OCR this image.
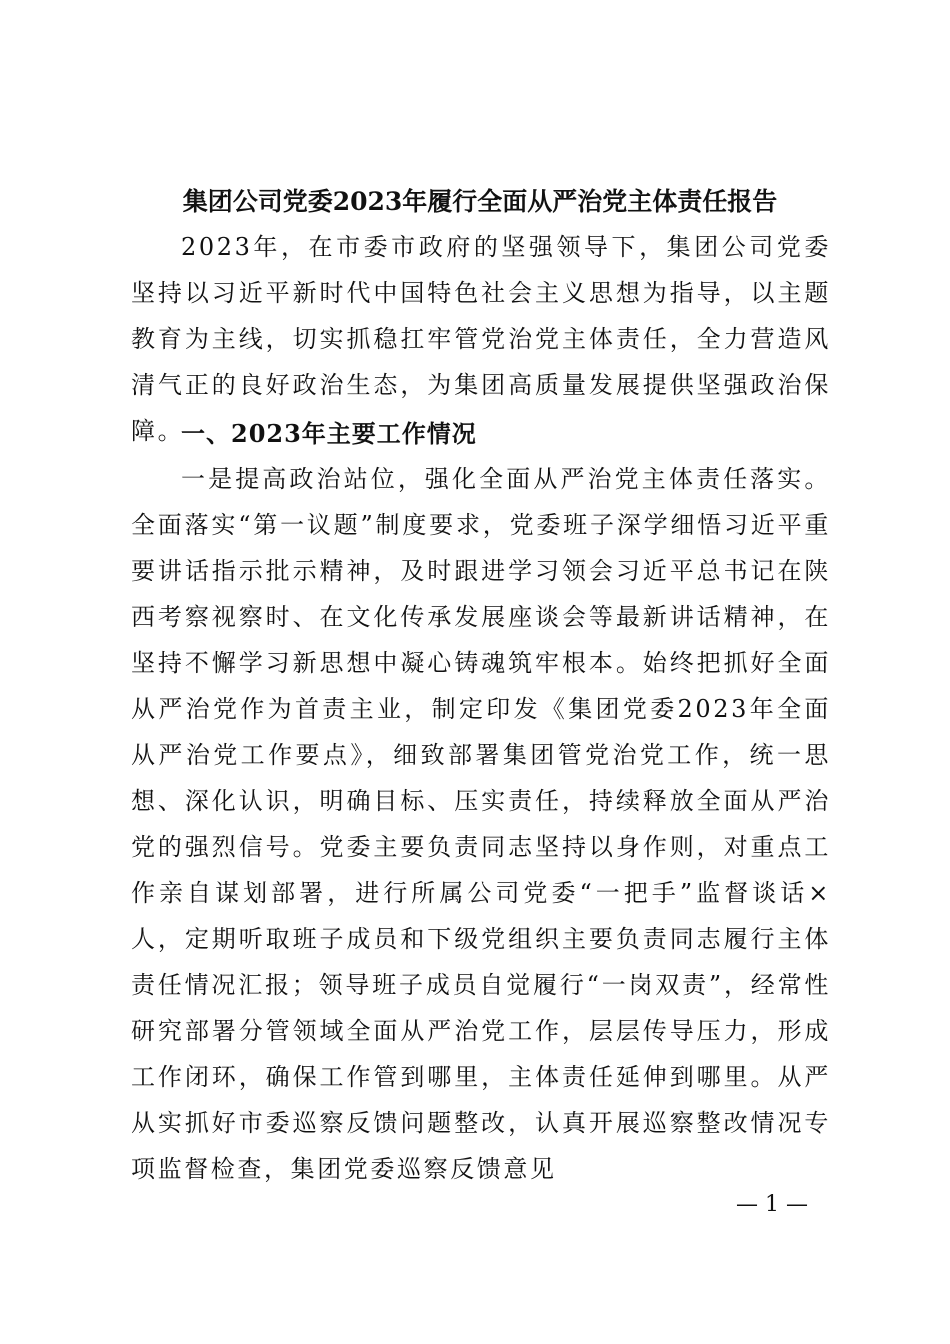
集团公司党委2023年履行全面从严治党主体责任报告

2023年，在市委市政府的坚强领导下，集团公司党委坚持以习近平新时代中国特色社会主义思想为指导，以主题教育为主线，切实抓稳扛牢管党治党主体责任，全力营造风清气正的良好政治生态，为集团高质量发展提供坚强政治保障。

一、2023年主要工作情况

一是提高政治站位，强化全面从严治党主体责任落实。全面落实“第一议题”制度要求，党委班子深学细悟习近平重要讲话指示批示精神，及时跟进学习领会习近平总书记在陕西考察视察时、在文化传承发展座谈会等最新讲话精神，在坚持不懈学习新思想中凝心铸魂筑牢根本。始终把抓好全面从严治党作为首责主业，制定印发《集团党委2023年全面从严治党工作要点》，细致部署集团管党治党工作，统一思想、深化认识，明确目标、压实责任，持续释放全面从严治党的强烈信号。党委主要负责同志坚持以身作则，对重点工作亲自谋划部署，进行所属公司党委“一把手”监督谈话×人，定期听取班子成员和下级党组织主要负责同志履行主体责任情况汇报；领导班子成员自觉履行“一岗双责”，经常性研究部署分管领域全面从严治党工作，层层传导压力，形成工作闭环，确保工作管到哪里，主体责任延伸到哪里。从严从实抓好市委巡察反馈问题整改，认真开展巡察整改情况专项监督检查，集团党委巡察反馈意见

— 1 —
